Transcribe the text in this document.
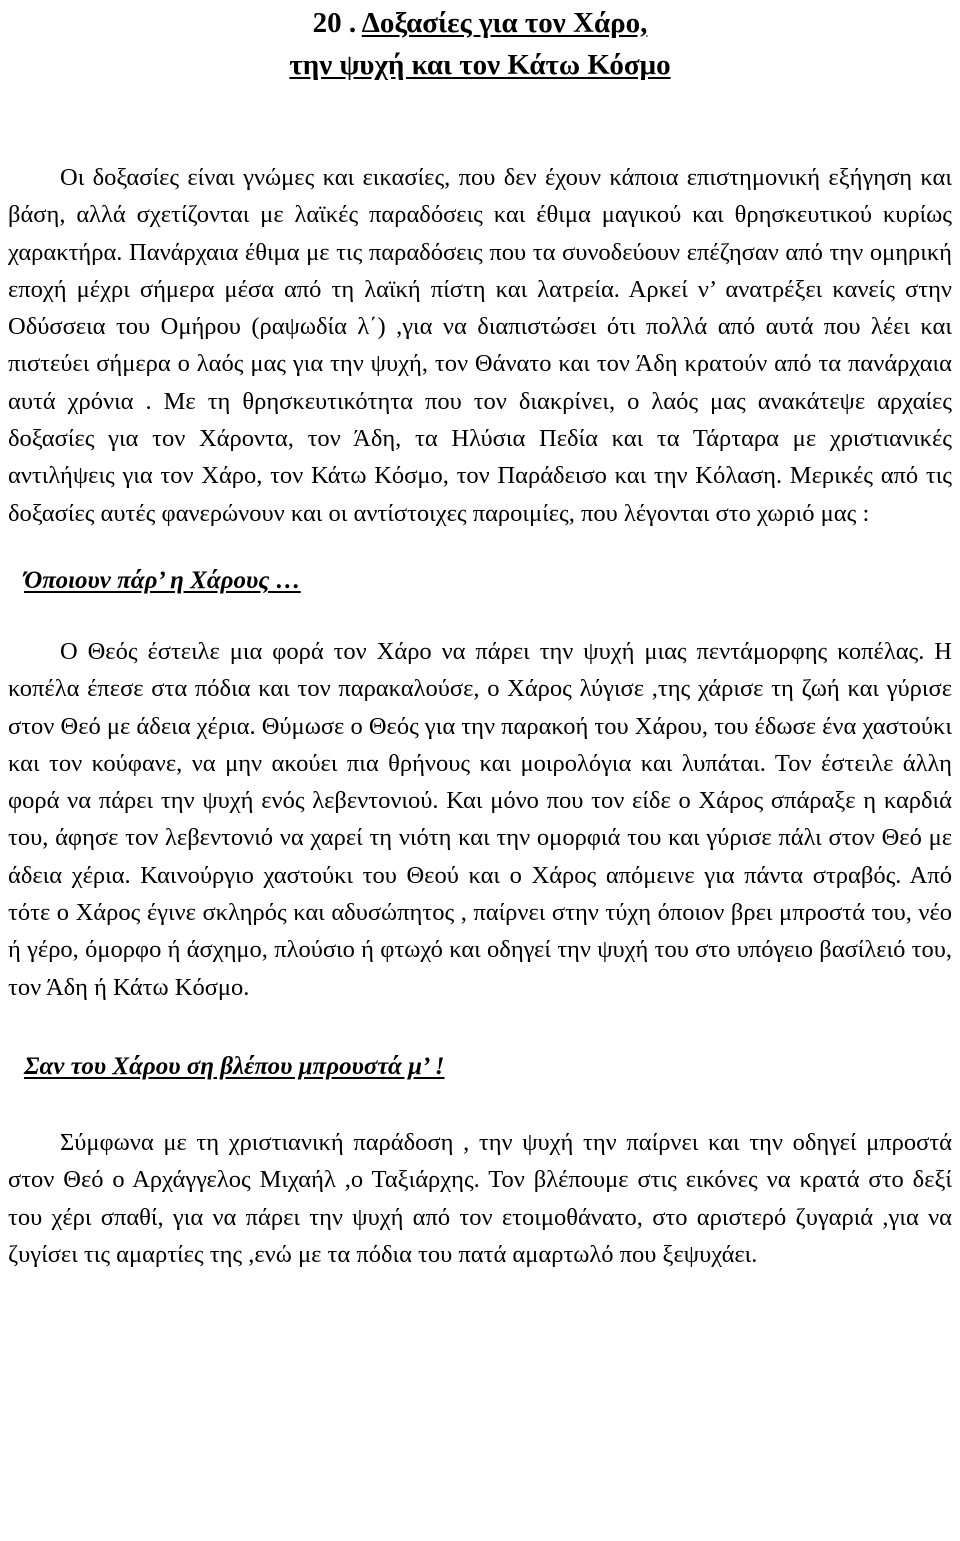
20 . Δοξασίες για τον Χάρο,
την ψυχή και τον Κάτω Κόσμο

Οι δοξασίες είναι γνώμες και εικασίες, που δεν έχουν κάποια επιστημονική εξήγηση και βάση, αλλά σχετίζονται με λαϊκές παραδόσεις και έθιμα μαγικού και θρησκευτικού κυρίως χαρακτήρα. Πανάρχαια έθιμα με τις παραδόσεις που τα συνοδεύουν επέζησαν από την ομηρική εποχή μέχρι σήμερα μέσα από τη λαϊκή πίστη και λατρεία. Αρκεί ν’ ανατρέξει κανείς στην Οδύσσεια του Ομήρου (ραψωδία λ΄) ,για να διαπιστώσει ότι πολλά από αυτά που λέει και πιστεύει σήμερα ο λαός μας για την ψυχή, τον Θάνατο και τον Άδη κρατούν από τα πανάρχαια αυτά χρόνια . Με τη θρησκευτικότητα που τον διακρίνει, ο λαός μας ανακάτεψε αρχαίες δοξασίες για τον Χάροντα, τον Άδη, τα Ηλύσια Πεδία και τα Τάρταρα με χριστιανικές αντιλήψεις για τον Χάρο, τον Κάτω Κόσμο, τον Παράδεισο και την Κόλαση. Μερικές από τις δοξασίες αυτές φανερώνουν και οι αντίστοιχες παροιμίες, που λέγονται στο χωριό μας :

Όποιουν πάρ’ η Χάρους …

Ο Θεός έστειλε μια φορά τον Χάρο να πάρει την ψυχή μιας πεντάμορφης κοπέλας. Η κοπέλα έπεσε στα πόδια και τον παρακαλούσε, ο Χάρος λύγισε ,της χάρισε τη ζωή και γύρισε στον Θεό με άδεια χέρια. Θύμωσε ο Θεός για την παρακοή του Χάρου, του έδωσε ένα χαστούκι και τον κούφανε, να μην ακούει πια θρήνους και μοιρολόγια και λυπάται. Τον έστειλε άλλη φορά να πάρει την ψυχή ενός λεβεντονιού. Και μόνο που τον είδε ο Χάρος σπάραξε η καρδιά του, άφησε τον λεβεντονιό να χαρεί τη νιότη και την ομορφιά του και γύρισε πάλι στον Θεό με άδεια χέρια. Καινούργιο χαστούκι του Θεού και ο Χάρος απόμεινε για πάντα στραβός. Από τότε ο Χάρος έγινε σκληρός και αδυσώπητος , παίρνει στην τύχη όποιον βρει μπροστά του, νέο ή γέρο, όμορφο ή άσχημο, πλούσιο ή φτωχό και οδηγεί την ψυχή του στο υπόγειο βασίλειό του, τον Άδη ή Κάτω Κόσμο.

Σαν του Χάρου ση βλέπου μπρουστά μ’ !

Σύμφωνα με τη χριστιανική παράδοση , την ψυχή την παίρνει και την οδηγεί μπροστά στον Θεό ο Αρχάγγελος Μιχαήλ ,ο Ταξιάρχης. Τον βλέπουμε στις εικόνες να κρατά στο δεξί του χέρι σπαθί, για να πάρει την ψυχή από τον ετοιμοθάνατο, στο αριστερό ζυγαριά ,για να ζυγίσει τις αμαρτίες της ,ενώ με τα πόδια του πατά αμαρτωλό που ξεψυχάει.
